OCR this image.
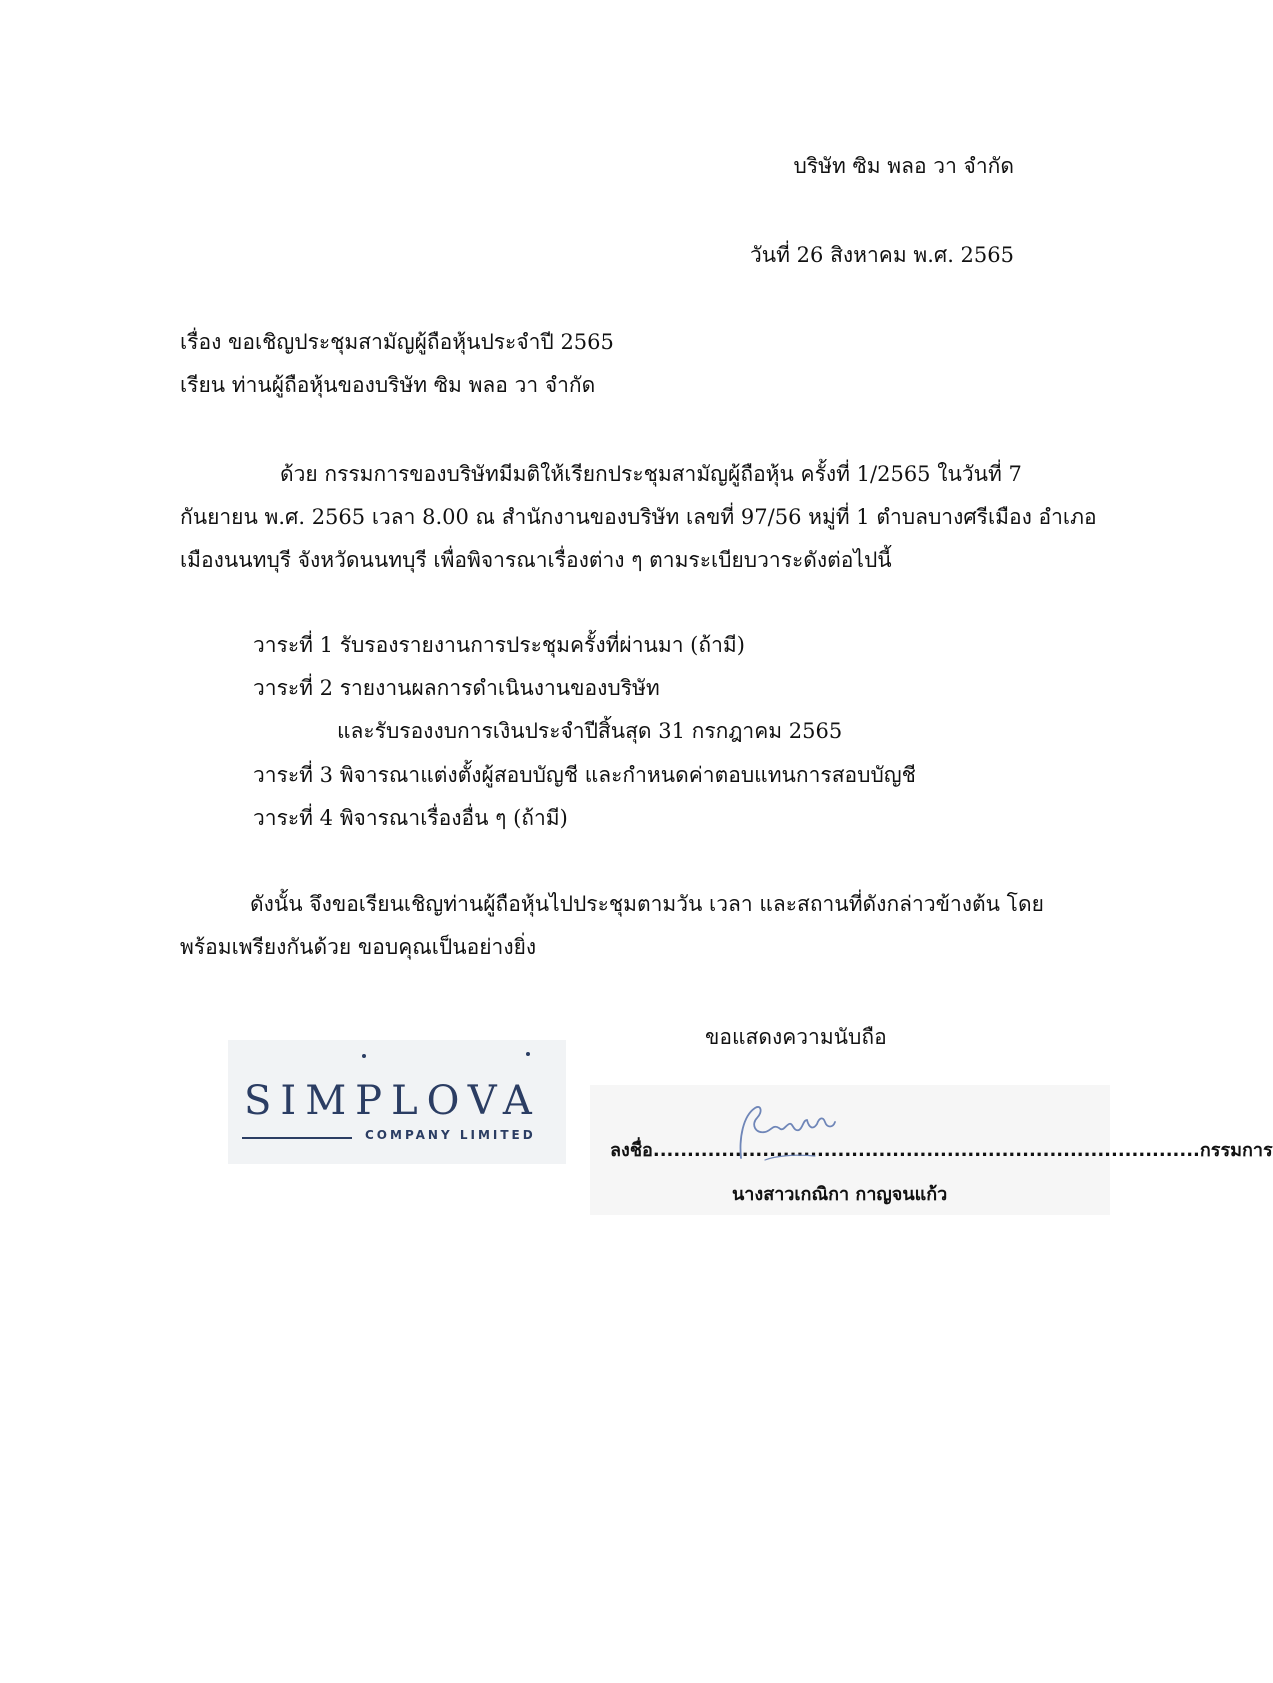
บริษัท ซิม พลอ วา จำกัด
วันที่ 26 สิงหาคม พ.ศ. 2565
เรื่อง ขอเชิญประชุมสามัญผู้ถือหุ้นประจำปี 2565
เรียน ท่านผู้ถือหุ้นของบริษัท ซิม พลอ วา จำกัด
ด้วย กรรมการของบริษัทมีมติให้เรียกประชุมสามัญผู้ถือหุ้น ครั้งที่ 1/2565 ในวันที่ 7
กันยายน พ.ศ. 2565 เวลา 8.00 ณ สำนักงานของบริษัท เลขที่ 97/56 หมู่ที่ 1 ตำบลบางศรีเมือง อำเภอ
เมืองนนทบุรี จังหวัดนนทบุรี เพื่อพิจารณาเรื่องต่าง ๆ ตามระเบียบวาระดังต่อไปนี้
วาระที่ 1 รับรองรายงานการประชุมครั้งที่ผ่านมา (ถ้ามี)
วาระที่ 2 รายงานผลการดำเนินงานของบริษัท
และรับรองงบการเงินประจำปีสิ้นสุด 31 กรกฎาคม 2565
วาระที่ 3 พิจารณาแต่งตั้งผู้สอบบัญชี และกำหนดค่าตอบแทนการสอบบัญชี
วาระที่ 4 พิจารณาเรื่องอื่น ๆ (ถ้ามี)
ดังนั้น จึงขอเรียนเชิญท่านผู้ถือหุ้นไปประชุมตามวัน เวลา และสถานที่ดังกล่าวข้างต้น โดย
พร้อมเพรียงกันด้วย ขอบคุณเป็นอย่างยิ่ง
ขอแสดงความนับถือ
SIMPLOVA
COMPANY LIMITED
ลงชื่อ................................................................................กรรมการ
นางสาวเกณิกา กาญจนแก้ว
